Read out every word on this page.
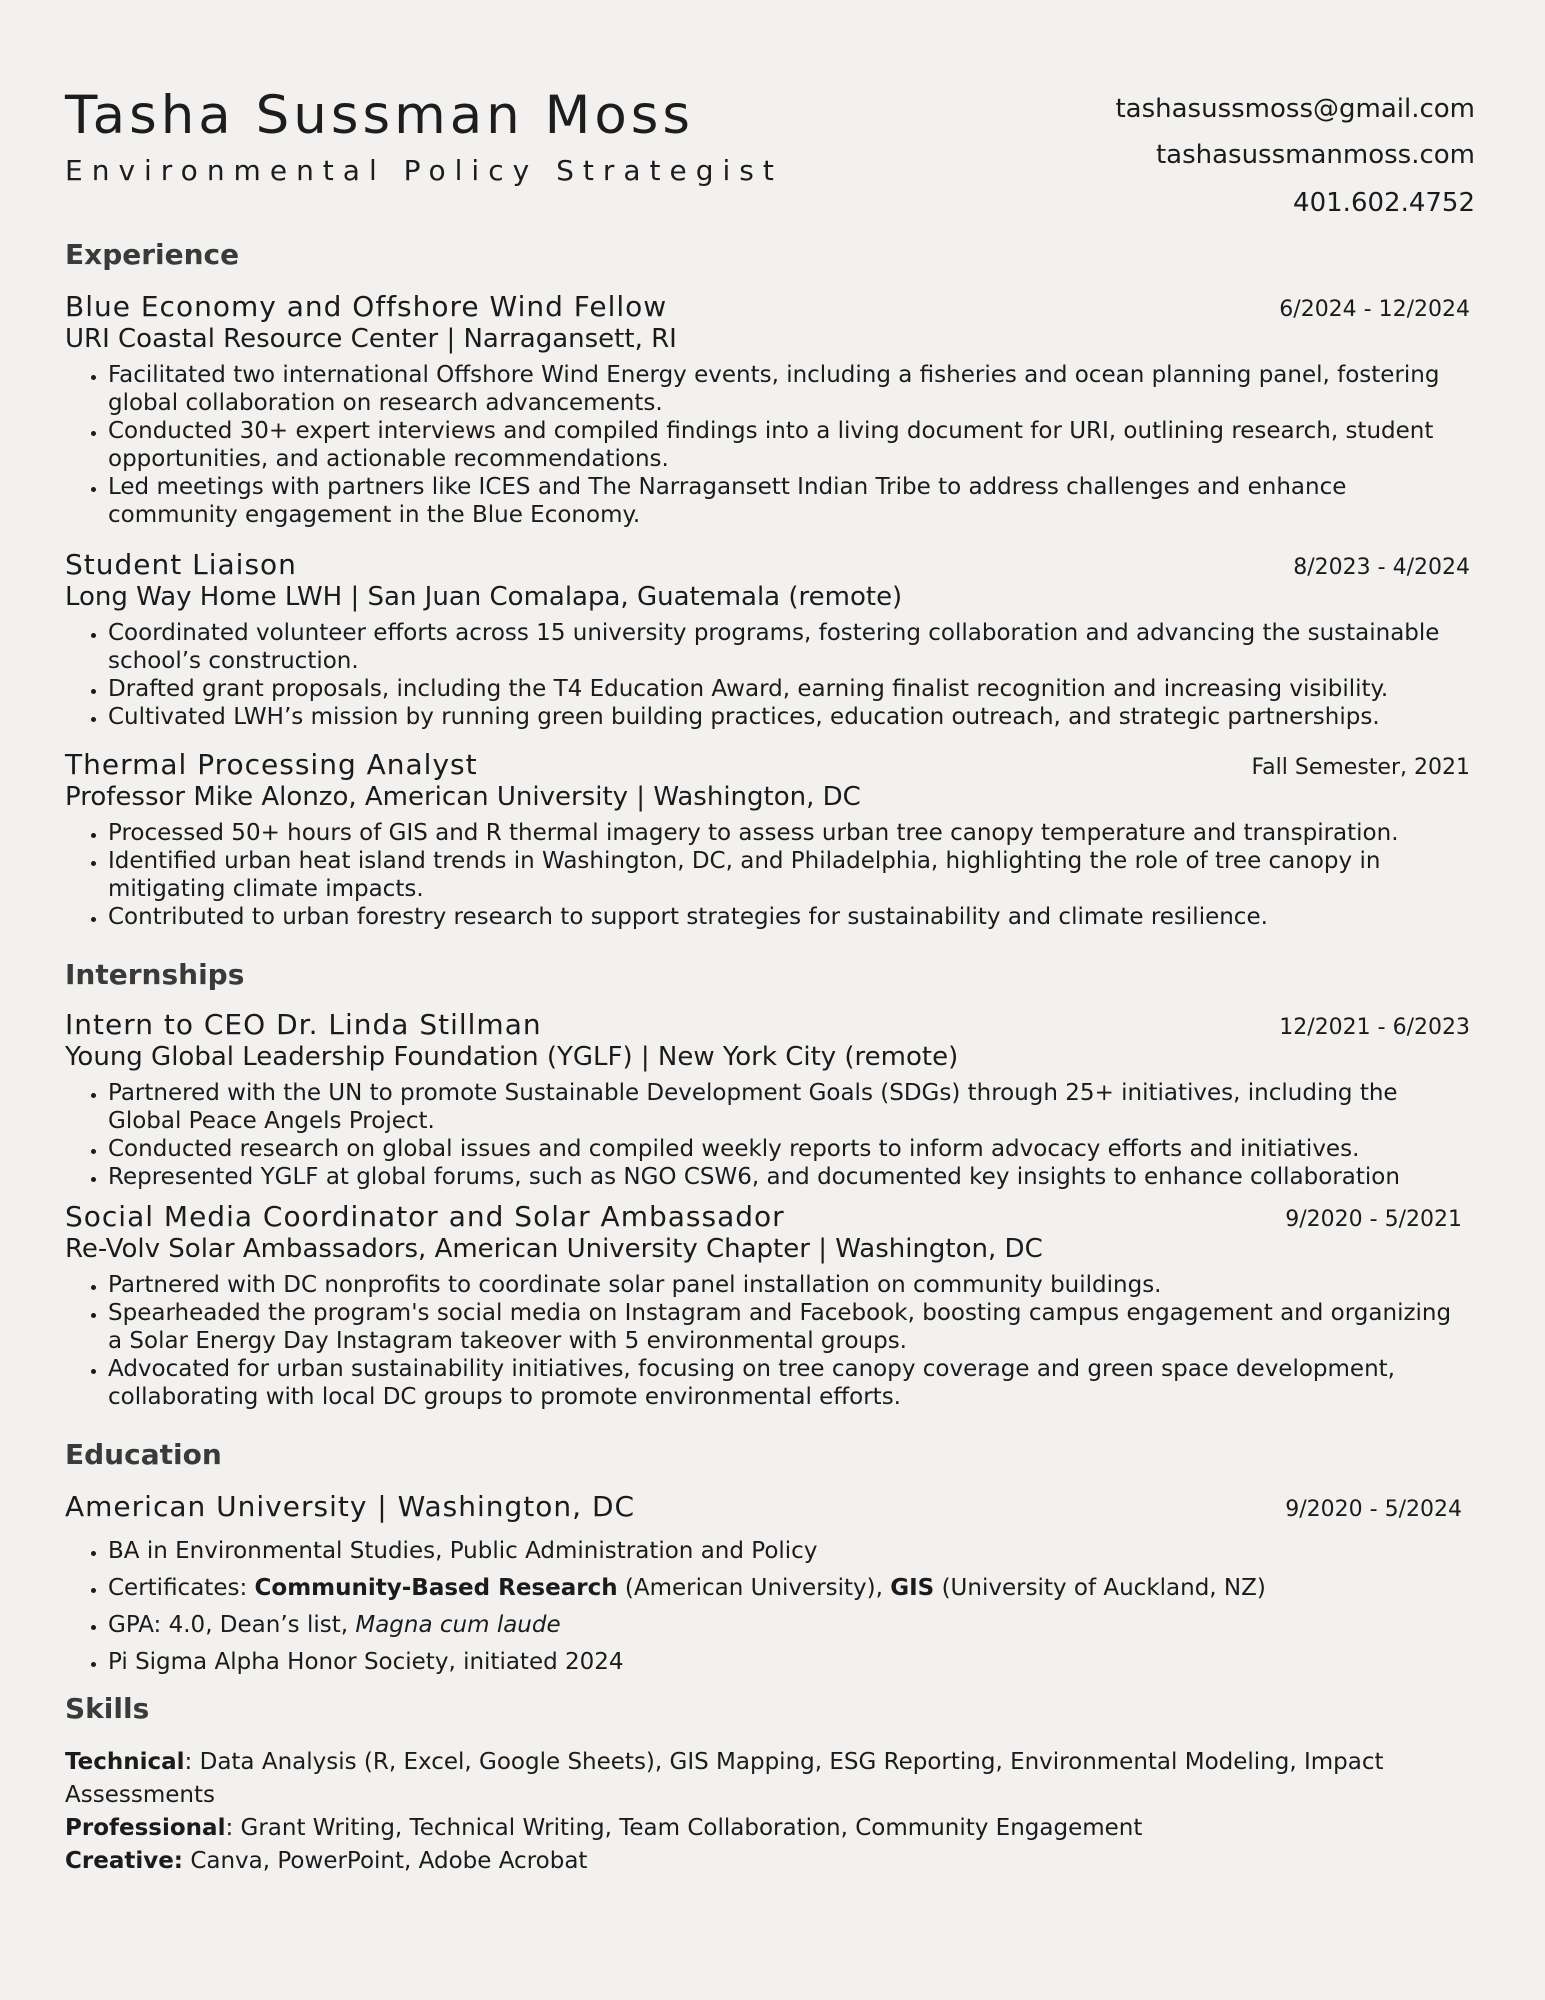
Tasha Sussman Moss
Environmental Policy Strategist
tashasussmoss@gmail.com
tashasussmanmoss.com
401.602.4752
Experience
Blue Economy and Offshore Wind Fellow	6/2024 - 12/2024
URI Coastal Resource Center | Narragansett, RI
• Facilitated two international Offshore Wind Energy events, including a fisheries and ocean planning panel, fostering global collaboration on research advancements.
• Conducted 30+ expert interviews and compiled findings into a living document for URI, outlining research, student opportunities, and actionable recommendations.
• Led meetings with partners like ICES and The Narragansett Indian Tribe to address challenges and enhance community engagement in the Blue Economy.
Student Liaison	8/2023 - 4/2024
Long Way Home LWH | San Juan Comalapa, Guatemala (remote)
• Coordinated volunteer efforts across 15 university programs, fostering collaboration and advancing the sustainable school’s construction.
• Drafted grant proposals, including the T4 Education Award, earning finalist recognition and increasing visibility.
• Cultivated LWH’s mission by running green building practices, education outreach, and strategic partnerships.
Thermal Processing Analyst	Fall Semester, 2021
Professor Mike Alonzo, American University | Washington, DC
• Processed 50+ hours of GIS and R thermal imagery to assess urban tree canopy temperature and transpiration.
• Identified urban heat island trends in Washington, DC, and Philadelphia, highlighting the role of tree canopy in mitigating climate impacts.
• Contributed to urban forestry research to support strategies for sustainability and climate resilience.
Internships
Intern to CEO Dr. Linda Stillman	12/2021 - 6/2023
Young Global Leadership Foundation (YGLF) | New York City (remote)
• Partnered with the UN to promote Sustainable Development Goals (SDGs) through 25+ initiatives, including the Global Peace Angels Project.
• Conducted research on global issues and compiled weekly reports to inform advocacy efforts and initiatives.
• Represented YGLF at global forums, such as NGO CSW6, and documented key insights to enhance collaboration
Social Media Coordinator and Solar Ambassador	9/2020 - 5/2021
Re-Volv Solar Ambassadors, American University Chapter | Washington, DC
• Partnered with DC nonprofits to coordinate solar panel installation on community buildings.
• Spearheaded the program's social media on Instagram and Facebook, boosting campus engagement and organizing a Solar Energy Day Instagram takeover with 5 environmental groups.
• Advocated for urban sustainability initiatives, focusing on tree canopy coverage and green space development, collaborating with local DC groups to promote environmental efforts.
Education
American University | Washington, DC	9/2020 - 5/2024
• BA in Environmental Studies, Public Administration and Policy
• Certificates: Community-Based Research (American University), GIS (University of Auckland, NZ)
• GPA: 4.0, Dean’s list, Magna cum laude
• Pi Sigma Alpha Honor Society, initiated 2024
Skills

Technical: Data Analysis (R, Excel, Google Sheets), GIS Mapping, ESG Reporting, Environmental Modeling, Impact Assessments

Professional: Grant Writing, Technical Writing, Team Collaboration, Community Engagement

Creative: Canva, PowerPoint, Adobe Acrobat
